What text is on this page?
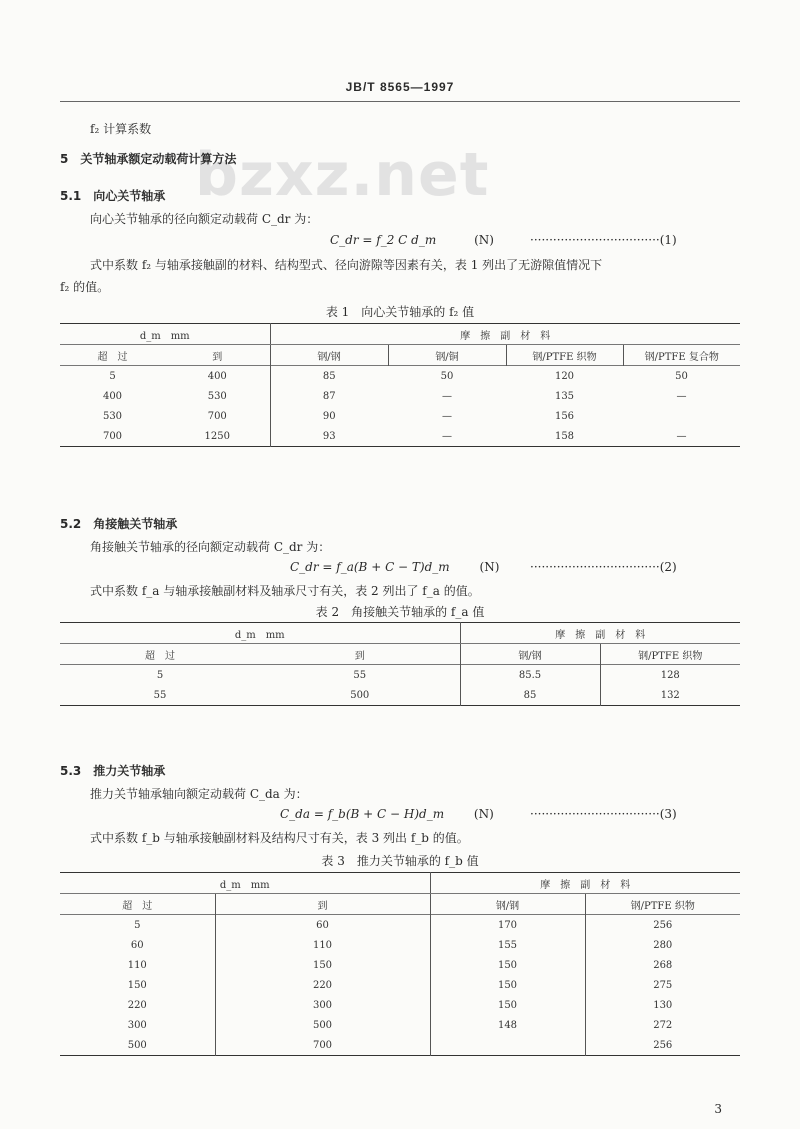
JB/T 8565—1997
bzxz.net
f₂ 计算系数
5　 关节轴承额定动载荷计算方法
5.1　 向心关节轴承
向心关节轴承的径向额定动载荷 C_dr 为：
C_dr = f_2 C d_m	(N)	··································(1)
式中系数 f₂ 与轴承接触副的材料、结构型式、径向游隙等因素有关，表 1 列出了无游隙值情况下
f₂ 的值。
表 1　向心关节轴承的 f₂ 值
d_m　mm		摩　擦　副　材　料			
超　过	到	钢/钢	钢/铜	钢/PTFE 织物	钢/PTFE 复合物
5	400	85	50	120	50
400	530	87	—	135	—
530	700	90	—	156	
700	1250	93	—	158	—
5.2　 角接触关节轴承
角接触关节轴承的径向额定动载荷 C_dr 为：
C_dr = f_a(B + C − T)d_m (N)	··································(2)
式中系数 f_a 与轴承接触副材料及轴承尺寸有关，表 2 列出了 f_a 的值。
表 2　角接触关节轴承的 f_a 值
d_m　mm		摩　擦　副　材　料	
超　过	到	钢/钢	钢/PTFE 织物
5	55	85.5	128
55	500	85	132
5.3　 推力关节轴承
推力关节轴承轴向额定动载荷 C_da 为：
C_da = f_b(B + C − H)d_m (N)	··································(3)
式中系数 f_b 与轴承接触副材料及结构尺寸有关，表 3 列出 f_b 的值。
表 3　推力关节轴承的 f_b 值
d_m　mm		摩　擦　副　材　料	
超　过	到	钢/钢	钢/PTFE 织物
5	60	170	256
60	110	155	280
110	150	150	268
150	220	150	275
220	300	150	130
300	500	148	272
500	700		256
3
